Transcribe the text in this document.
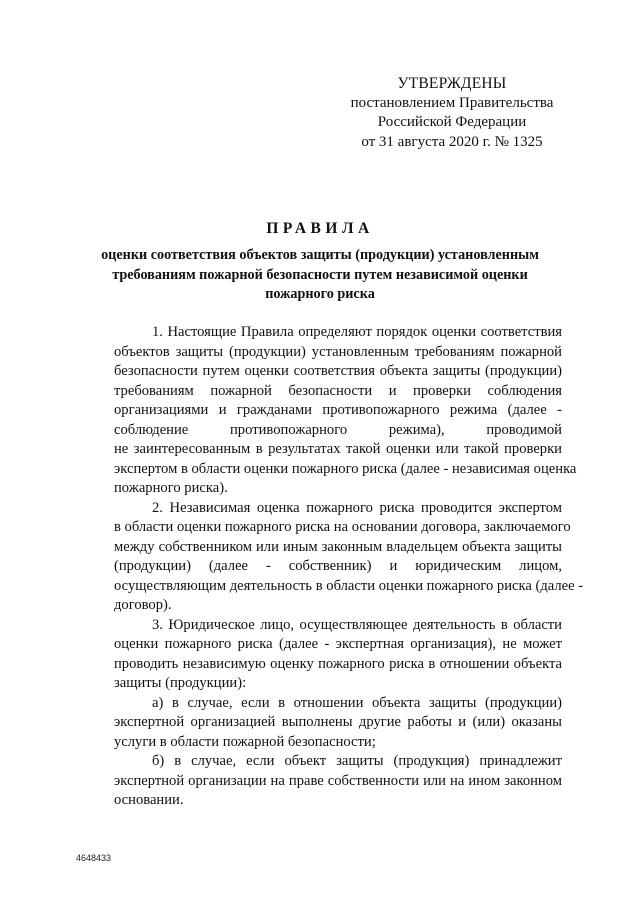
УТВЕРЖДЕНЫ
постановлением Правительства
Российской Федерации
от 31 августа 2020 г. № 1325
ПРАВИЛА
оценки соответствия объектов защиты (продукции) установленным
требованиям пожарной безопасности путем независимой оценки
пожарного риска
1. Настоящие Правила определяют порядок оценки соответствия
объектов защиты (продукции) установленным требованиям пожарной
безопасности путем оценки соответствия объекта защиты (продукции)
требованиям пожарной безопасности и проверки соблюдения
организациями и гражданами противопожарного режима (далее -
соблюдение противопожарного режима), проводимой
не заинтересованным в результатах такой оценки или такой проверки
экспертом в области оценки пожарного риска (далее - независимая оценка
пожарного риска).
2. Независимая оценка пожарного риска проводится экспертом
в области оценки пожарного риска на основании договора, заключаемого
между собственником или иным законным владельцем объекта защиты
(продукции) (далее - собственник) и юридическим лицом,
осуществляющим деятельность в области оценки пожарного риска (далее -
договор).
3. Юридическое лицо, осуществляющее деятельность в области
оценки пожарного риска (далее - экспертная организация), не может
проводить независимую оценку пожарного риска в отношении объекта
защиты (продукции):
а) в случае, если в отношении объекта защиты (продукции)
экспертной организацией выполнены другие работы и (или) оказаны
услуги в области пожарной безопасности;
б) в случае, если объект защиты (продукция) принадлежит
экспертной организации на праве собственности или на ином законном
основании.
4648433
